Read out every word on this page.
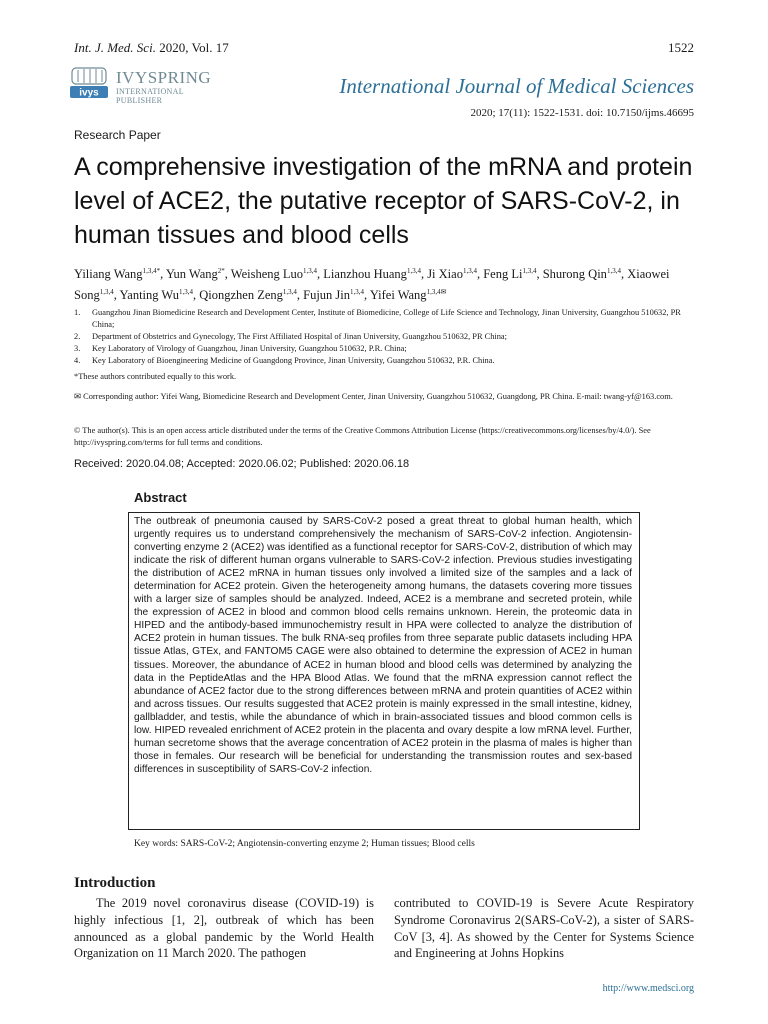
Int. J. Med. Sci. 2020, Vol. 17	1522
ivys
IVYSPRING
INTERNATIONAL PUBLISHER
International Journal of Medical Sciences
2020; 17(11): 1522-1531. doi: 10.7150/ijms.46695
Research Paper
A comprehensive investigation of the mRNA and protein level of ACE2, the putative receptor of SARS-CoV-2, in human tissues and blood cells
Yiliang Wang$^{1,3,4*}$, Yun Wang$^{2*}$, Weisheng Luo$^{1,3,4}$, Lianzhou Huang$^{1,3,4}$, Ji Xiao$^{1,3,4}$, Feng Li$^{1,3,4}$, Shurong Qin$^{1,3,4}$, Xiaowei Song$^{1,3,4}$, Yanting Wu$^{1,3,4}$, Qiongzhen Zeng$^{1,3,4}$, Fujun Jin$^{1,3,4}$, Yifei Wang$^{1,3,4✉}$
1. Guangzhou Jinan Biomedicine Research and Development Center, Institute of Biomedicine, College of Life Science and Technology, Jinan University, Guangzhou 510632, PR China;
2. Department of Obstetrics and Gynecology, The First Affiliated Hospital of Jinan University, Guangzhou 510632, PR China;
3. Key Laboratory of Virology of Guangzhou, Jinan University, Guangzhou 510632, P.R. China;
4. Key Laboratory of Bioengineering Medicine of Guangdong Province, Jinan University, Guangzhou 510632, P.R. China.
*These authors contributed equally to this work.
✉ Corresponding author: Yifei Wang, Biomedicine Research and Development Center, Jinan University, Guangzhou 510632, Guangdong, PR China. E-mail: twang-yf@163.com.
© The author(s). This is an open access article distributed under the terms of the Creative Commons Attribution License (https://creativecommons.org/licenses/by/4.0/). See http://ivyspring.com/terms for full terms and conditions.
Received: 2020.04.08; Accepted: 2020.06.02; Published: 2020.06.18
Abstract
The outbreak of pneumonia caused by SARS-CoV-2 posed a great threat to global human health, which urgently requires us to understand comprehensively the mechanism of SARS-CoV-2 infection. Angiotensin-converting enzyme 2 (ACE2) was identified as a functional receptor for SARS-CoV-2, distribution of which may indicate the risk of different human organs vulnerable to SARS-CoV-2 infection. Previous studies investigating the distribution of ACE2 mRNA in human tissues only involved a limited size of the samples and a lack of determination for ACE2 protein. Given the heterogeneity among humans, the datasets covering more tissues with a larger size of samples should be analyzed. Indeed, ACE2 is a membrane and secreted protein, while the expression of ACE2 in blood and common blood cells remains unknown. Herein, the proteomic data in HIPED and the antibody-based immunochemistry result in HPA were collected to analyze the distribution of ACE2 protein in human tissues. The bulk RNA-seq profiles from three separate public datasets including HPA tissue Atlas, GTEx, and FANTOM5 CAGE were also obtained to determine the expression of ACE2 in human tissues. Moreover, the abundance of ACE2 in human blood and blood cells was determined by analyzing the data in the PeptideAtlas and the HPA Blood Atlas. We found that the mRNA expression cannot reflect the abundance of ACE2 factor due to the strong differences between mRNA and protein quantities of ACE2 within and across tissues. Our results suggested that ACE2 protein is mainly expressed in the small intestine, kidney, gallbladder, and testis, while the abundance of which in brain-associated tissues and blood common cells is low. HIPED revealed enrichment of ACE2 protein in the placenta and ovary despite a low mRNA level. Further, human secretome shows that the average concentration of ACE2 protein in the plasma of males is higher than those in females. Our research will be beneficial for understanding the transmission routes and sex-based differences in susceptibility of SARS-CoV-2 infection.
Key words: SARS-CoV-2; Angiotensin-converting enzyme 2; Human tissues; Blood cells
Introduction

The 2019 novel coronavirus disease (COVID-19) is highly infectious [1, 2], outbreak of which has been announced as a global pandemic by the World Health Organization on 11 March 2020. The pathogen

contributed to COVID-19 is Severe Acute Respiratory Syndrome Coronavirus 2(SARS-CoV-2), a sister of SARS-CoV [3, 4]. As showed by the Center for Systems Science and Engineering at Johns Hopkins

http://www.medsci.org
